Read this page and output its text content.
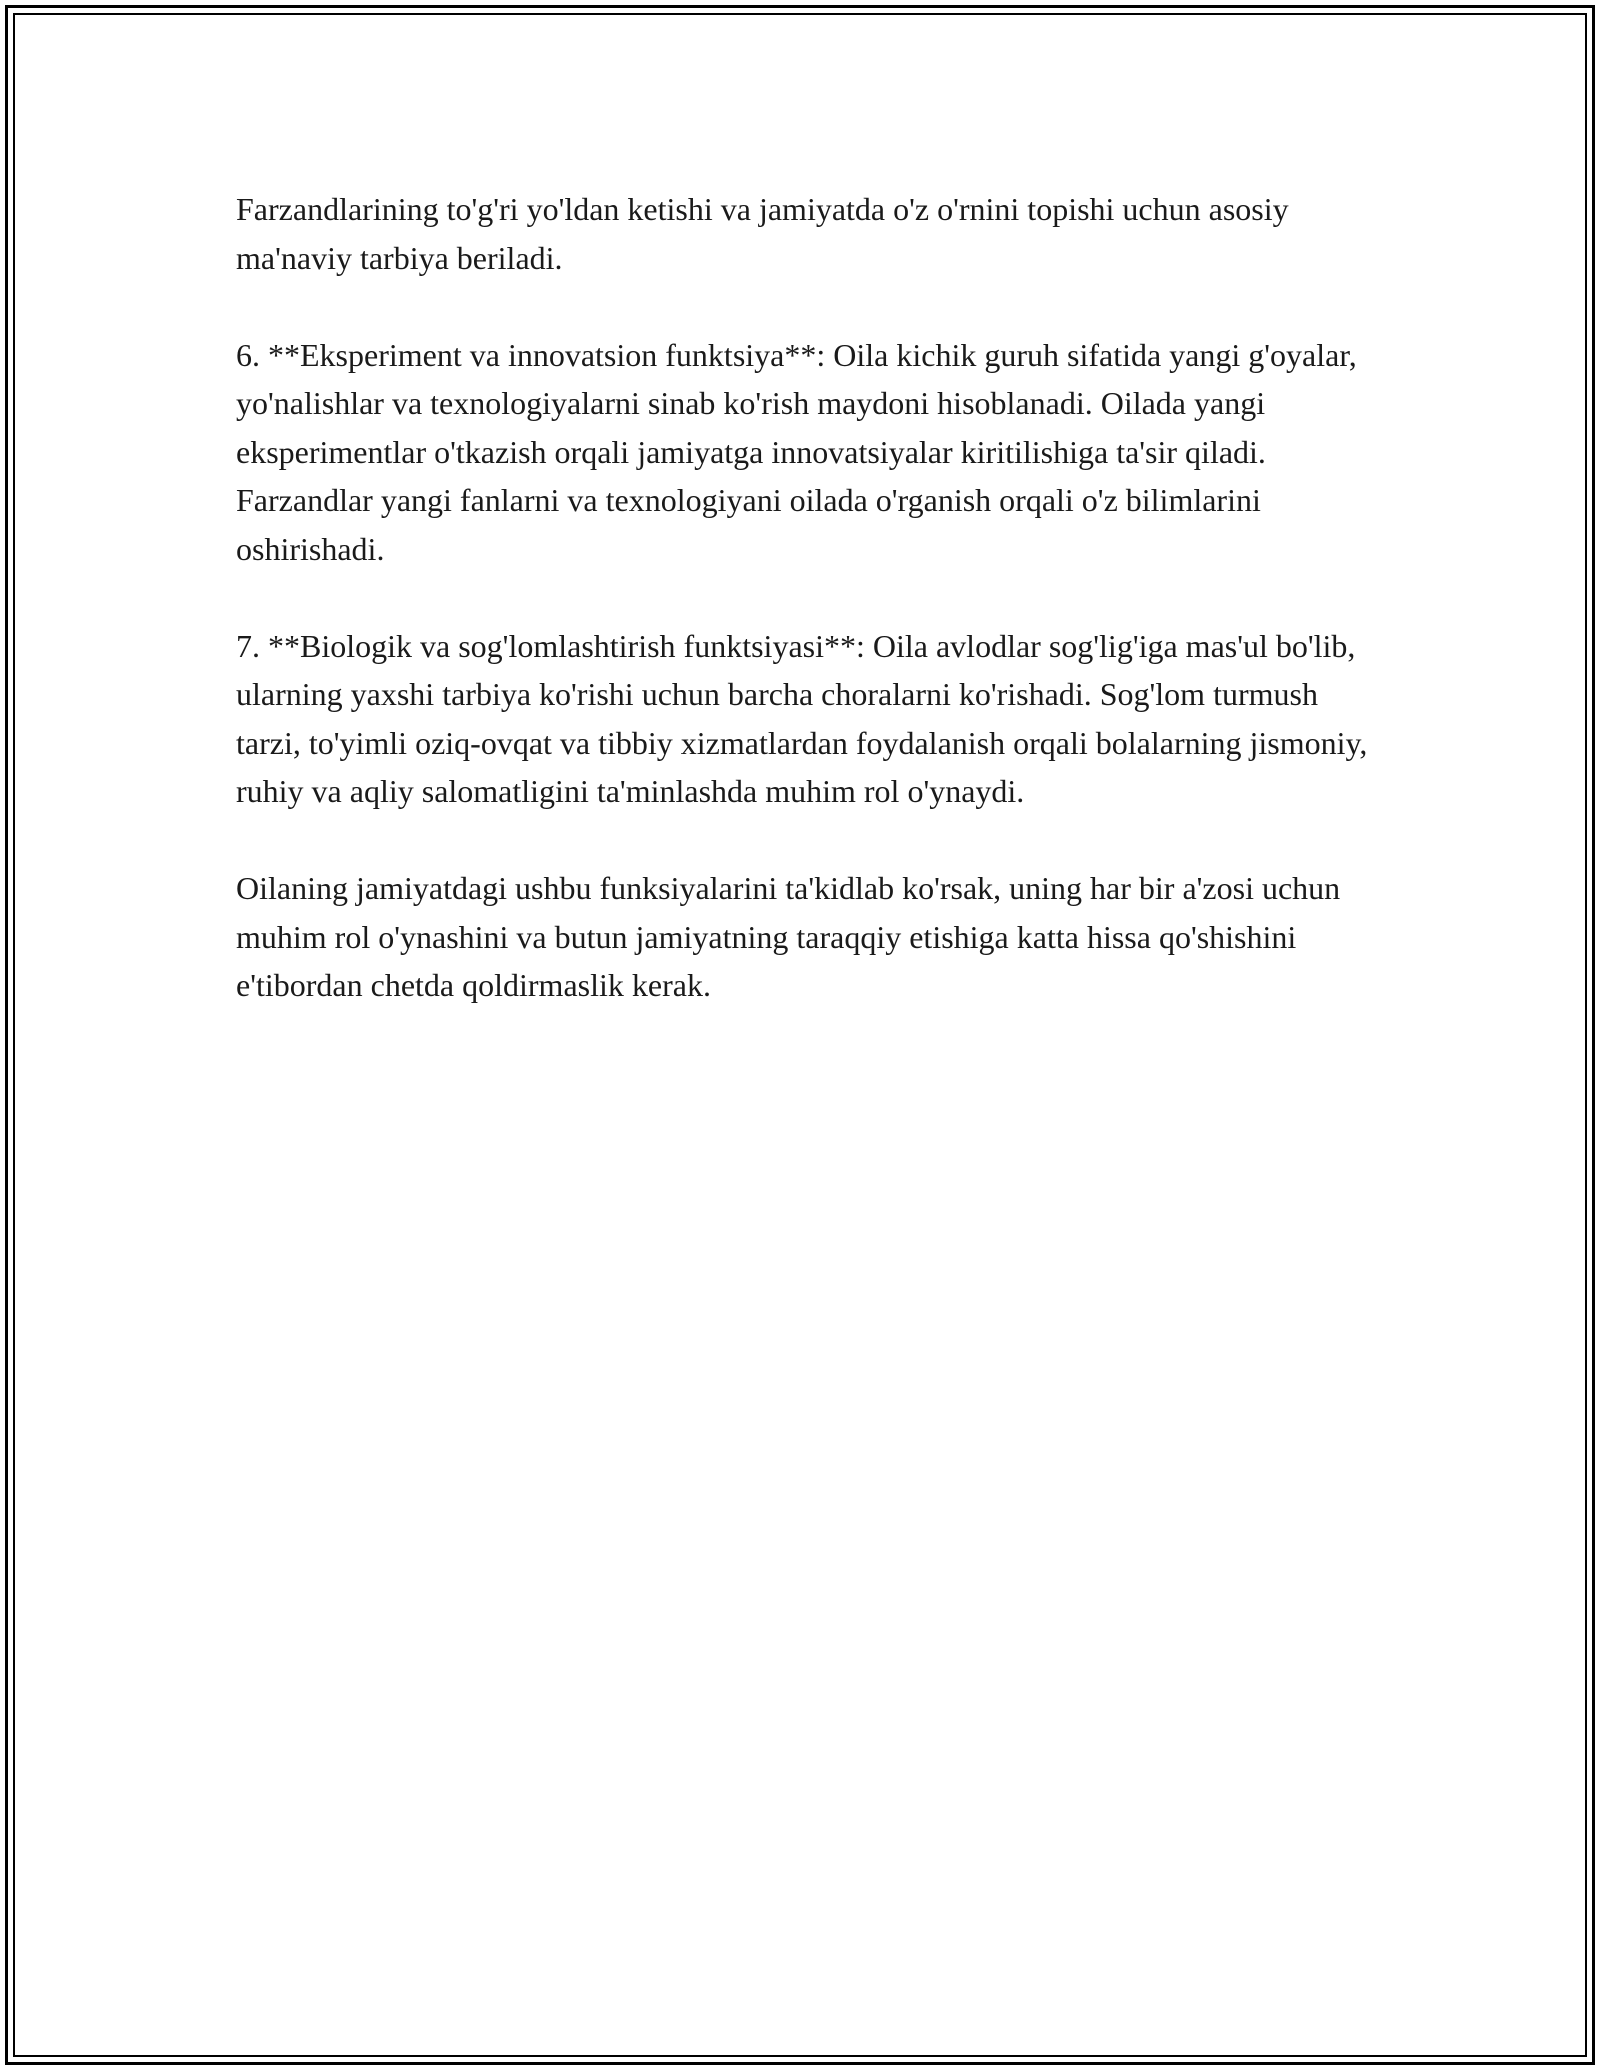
Farzandlarining to'g'ri yo'ldan ketishi va jamiyatda o'z o'rnini topishi uchun asosiy ma'naviy tarbiya beriladi.

6. **Eksperiment va innovatsion funktsiya**: Oila kichik guruh sifatida yangi g'oyalar, yo'nalishlar va texnologiyalarni sinab ko'rish maydoni hisoblanadi. Oilada yangi eksperimentlar o'tkazish orqali jamiyatga innovatsiyalar kiritilishiga ta'sir qiladi. Farzandlar yangi fanlarni va texnologiyani oilada o'rganish orqali o'z bilimlarini oshirishadi.

7. **Biologik va sog'lomlashtirish funktsiyasi**: Oila avlodlar sog'lig'iga mas'ul bo'lib, ularning yaxshi tarbiya ko'rishi uchun barcha choralarni ko'rishadi. Sog'lom turmush tarzi, to'yimli oziq-ovqat va tibbiy xizmatlardan foydalanish orqali bolalarning jismoniy, ruhiy va aqliy salomatligini ta'minlashda muhim rol o'ynaydi.

Oilaning jamiyatdagi ushbu funksiyalarini ta'kidlab ko'rsak, uning har bir a'zosi uchun muhim rol o'ynashini va butun jamiyatning taraqqiy etishiga katta hissa qo'shishini e'tibordan chetda qoldirmaslik kerak.
